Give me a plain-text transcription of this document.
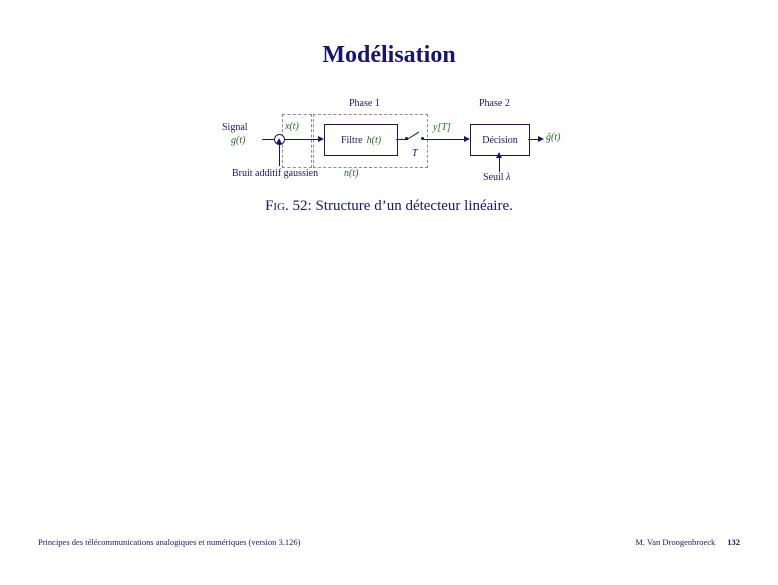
Modélisation
Phase 1	Phase 2
Signal
g(t)
x(t)
Bruit additif gaussien	n(t)
Filtre h(t)
T
y[T]
Décision
Seuil λ
ĝ(t)
Fig. 52: Structure d’un détecteur linéaire.
Principes des télécommunications analogiques et numériques (version 3.126)	M. Van Droogenbroeck 132
